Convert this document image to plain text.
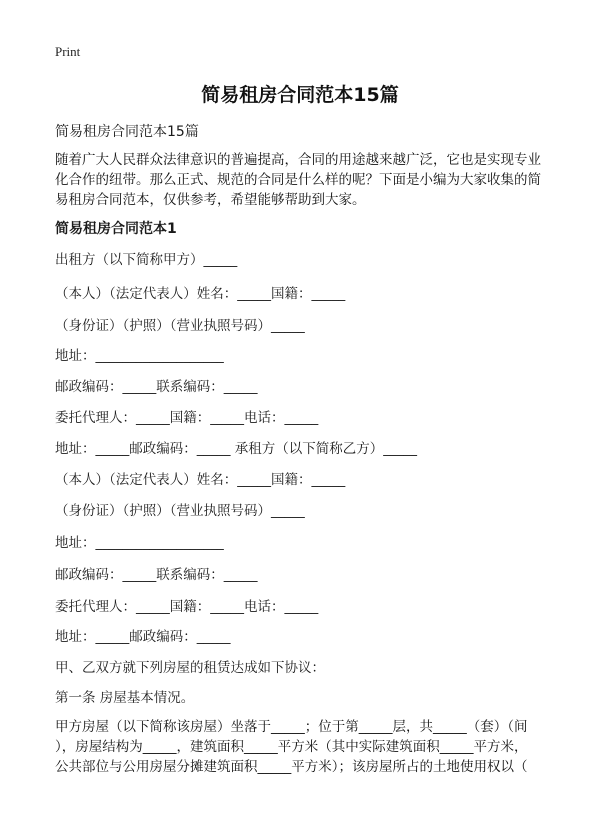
Print
简易租房合同范本15篇
简易租房合同范本15篇
随着广大人民群众法律意识的普遍提高，合同的用途越来越广泛，它也是实现专业
化合作的纽带。那么正式、规范的合同是什么样的呢？下面是小编为大家收集的简
易租房合同范本，仅供参考，希望能够帮助到大家。
简易租房合同范本1
出租方（以下简称甲方）_____
（本人）（法定代表人）姓名：_____国籍：_____
（身份证）（护照）（营业执照号码）_____
地址：___________________
邮政编码：_____联系编码：_____
委托代理人：_____国籍：_____电话：_____
地址：_____邮政编码：_____ 承租方（以下简称乙方）_____
（本人）（法定代表人）姓名：_____国籍：_____
（身份证）（护照）（营业执照号码）_____
地址：___________________
邮政编码：_____联系编码：_____
委托代理人：_____国籍：_____电话：_____
地址：_____邮政编码：_____
甲、乙双方就下列房屋的租赁达成如下协议：
第一条 房屋基本情况。
甲方房屋（以下简称该房屋）坐落于_____；位于第_____层，共_____（套）（间
），房屋结构为_____，建筑面积_____平方米（其中实际建筑面积_____平方米，
公共部位与公用房屋分摊建筑面积_____平方米）；该房屋所占的土地使用权以（
